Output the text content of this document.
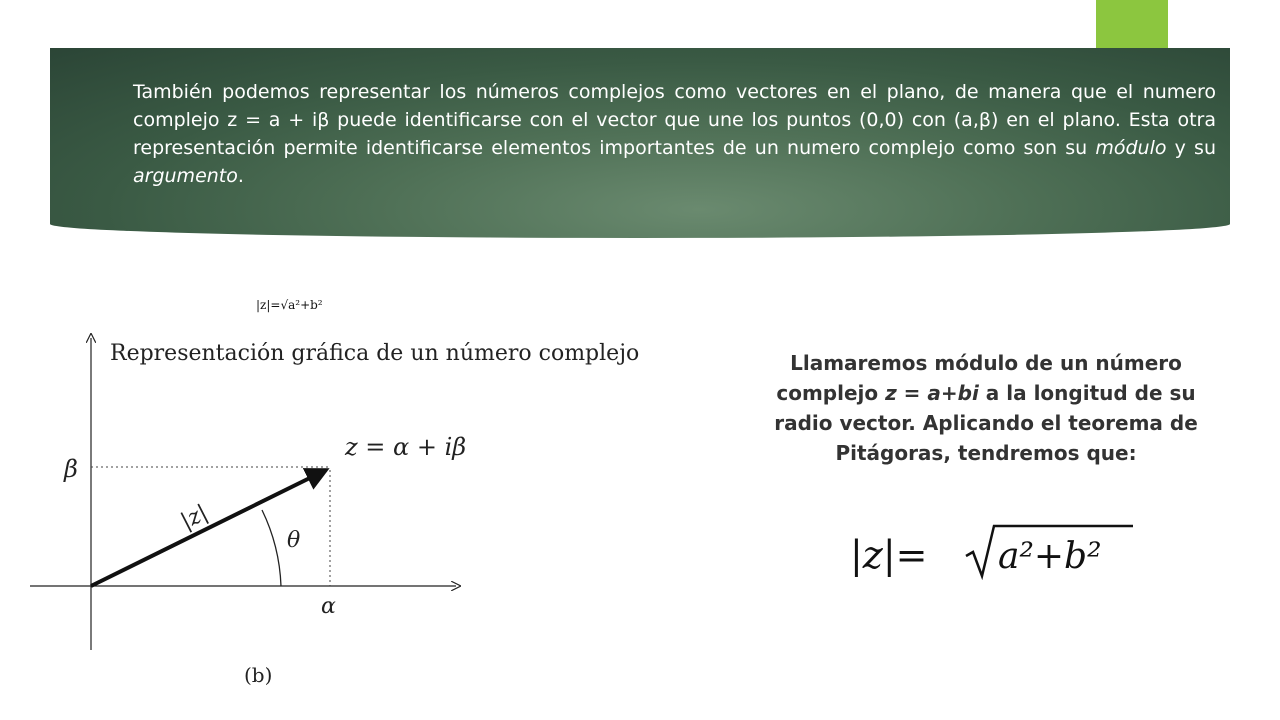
También podemos representar los números complejos como vectores en el plano, de manera que el numero complejo z = a + iβ puede identificarse con el vector que une los puntos (0,0) con (a,β) en el plano. Esta otra representación permite identificarse elementos importantes de un numero complejo como son su módulo y su argumento.
|z|=√a²+b²
Representación gráfica de un número complejo
z = α + iβ
β
α
θ
|z|
(b)
Llamaremos módulo de un número complejo z = a+bi a la longitud de su radio vector. Aplicando el teorema de Pitágoras, tendremos que:
|z|= a²+b²
